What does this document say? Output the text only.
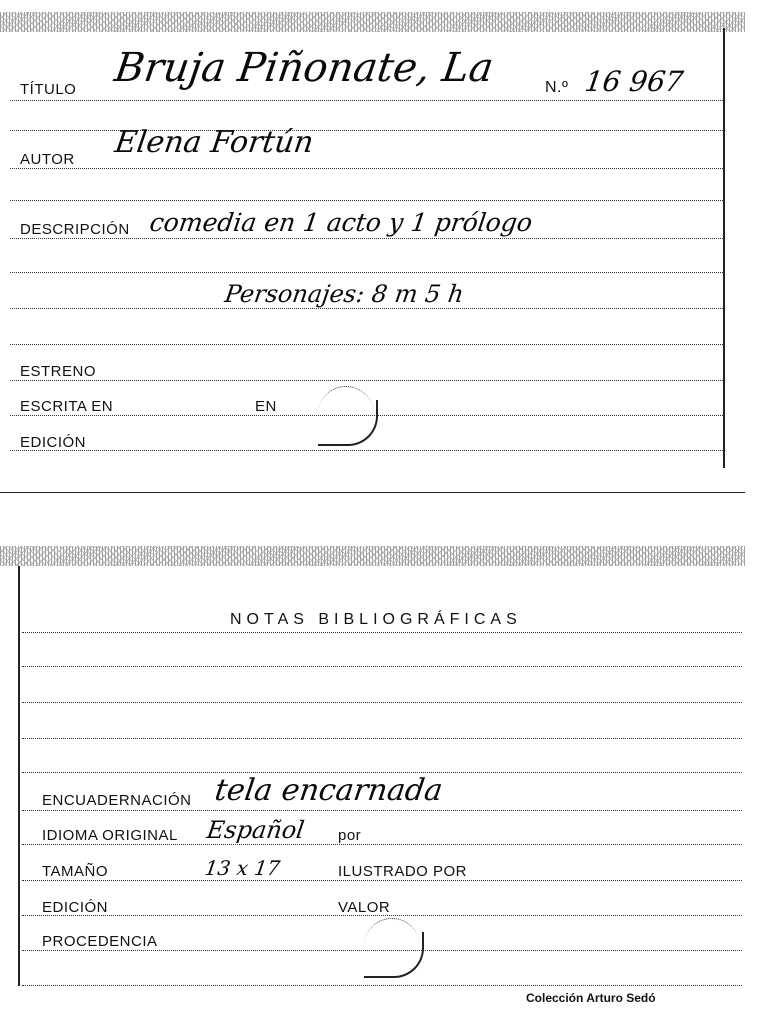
TÍTULO Bruja Piñonate, La	N.º 16 967
AUTOR Elena Fortún
DESCRIPCIÓN comedia en 1 acto y 1 prólogo
Personajes: 8 m 5 h
ESTRENO
ESCRITA EN	EN
EDICIÓN
NOTAS BIBLIOGRÁFICAS
ENCUADERNACIÓN tela encarnada
IDIOMA ORIGINAL Español por
TAMAÑO	13 x 17	ILUSTRADO POR
EDICIÓN	VALOR
PROCEDENCIA
Colección Arturo Sedó
